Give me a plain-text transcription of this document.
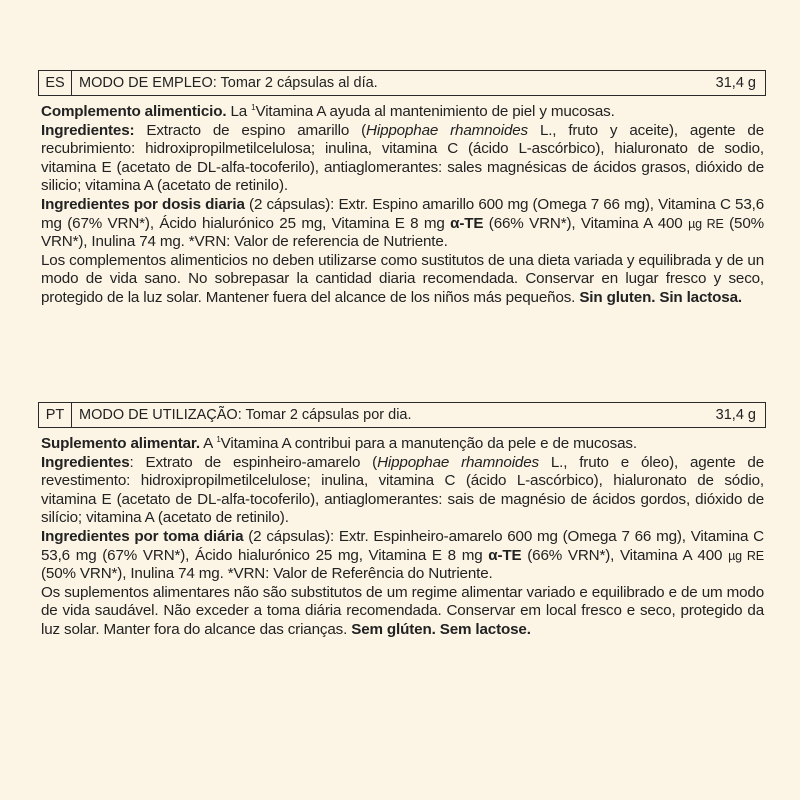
ES MODO DE EMPLEO: Tomar 2 cápsulas al día.	31,4 g

Complemento alimenticio. La $^1$Vitamina A ayuda al mantenimiento de piel y mucosas.

Ingredientes: Extracto de espino amarillo (Hippophae rhamnoides L., fruto y aceite), agente de recubrimiento: hidroxipropilmetilcelulosa; inulina, vitamina C (ácido L-ascórbico), hialuronato de sodio, vitamina E (acetato de DL-alfa-tocoferilo), antiaglomerantes: sales magnésicas de ácidos grasos, dióxido de silicio; vitamina A (acetato de retinilo).

Ingredientes por dosis diaria (2 cápsulas): Extr. Espino amarillo 600 mg (Omega 7 66 mg), Vitamina C 53,6 mg (67% VRN*), Ácido hialurónico 25 mg, Vitamina E 8 mg α-TE (66% VRN*), Vitamina A 400 µg RE (50% VRN*), Inulina 74 mg. *VRN: Valor de referencia de Nutriente.

Los complementos alimenticios no deben utilizarse como sustitutos de una dieta variada y equilibrada y de un modo de vida sano. No sobrepasar la cantidad diaria recomendada. Conservar en lugar fresco y seco, protegido de la luz solar. Mantener fuera del alcance de los niños más pequeños. Sin gluten. Sin lactosa.

PT	MODO DE UTILIZAÇÃO: Tomar 2 cápsulas por dia.	31,4 g

Suplemento alimentar. A $^1$Vitamina A contribui para a manutenção da pele e de mucosas.

Ingredientes: Extrato de espinheiro-amarelo (Hippophae rhamnoides L., fruto e óleo), agente de revestimento: hidroxipropilmetilcelulose; inulina, vitamina C (ácido L-ascórbico), hialuronato de sódio, vitamina E (acetato de DL-alfa-tocoferilo), antiaglomerantes: sais de magnésio de ácidos gordos, dióxido de silício; vitamina A (acetato de retinilo).

Ingredientes por toma diária (2 cápsulas): Extr. Espinheiro-amarelo 600 mg (Omega 7 66 mg), Vitamina C 53,6 mg (67% VRN*), Ácido hialurónico 25 mg, Vitamina E 8 mg α-TE (66% VRN*), Vitamina A 400 µg RE (50% VRN*), Inulina 74 mg. *VRN: Valor de Referência do Nutriente.

Os suplementos alimentares não são substitutos de um regime alimentar variado e equilibrado e de um modo de vida saudável. Não exceder a toma diária recomendada. Conservar em local fresco e seco, protegido da luz solar. Manter fora do alcance das crianças. Sem glúten. Sem lactose.
